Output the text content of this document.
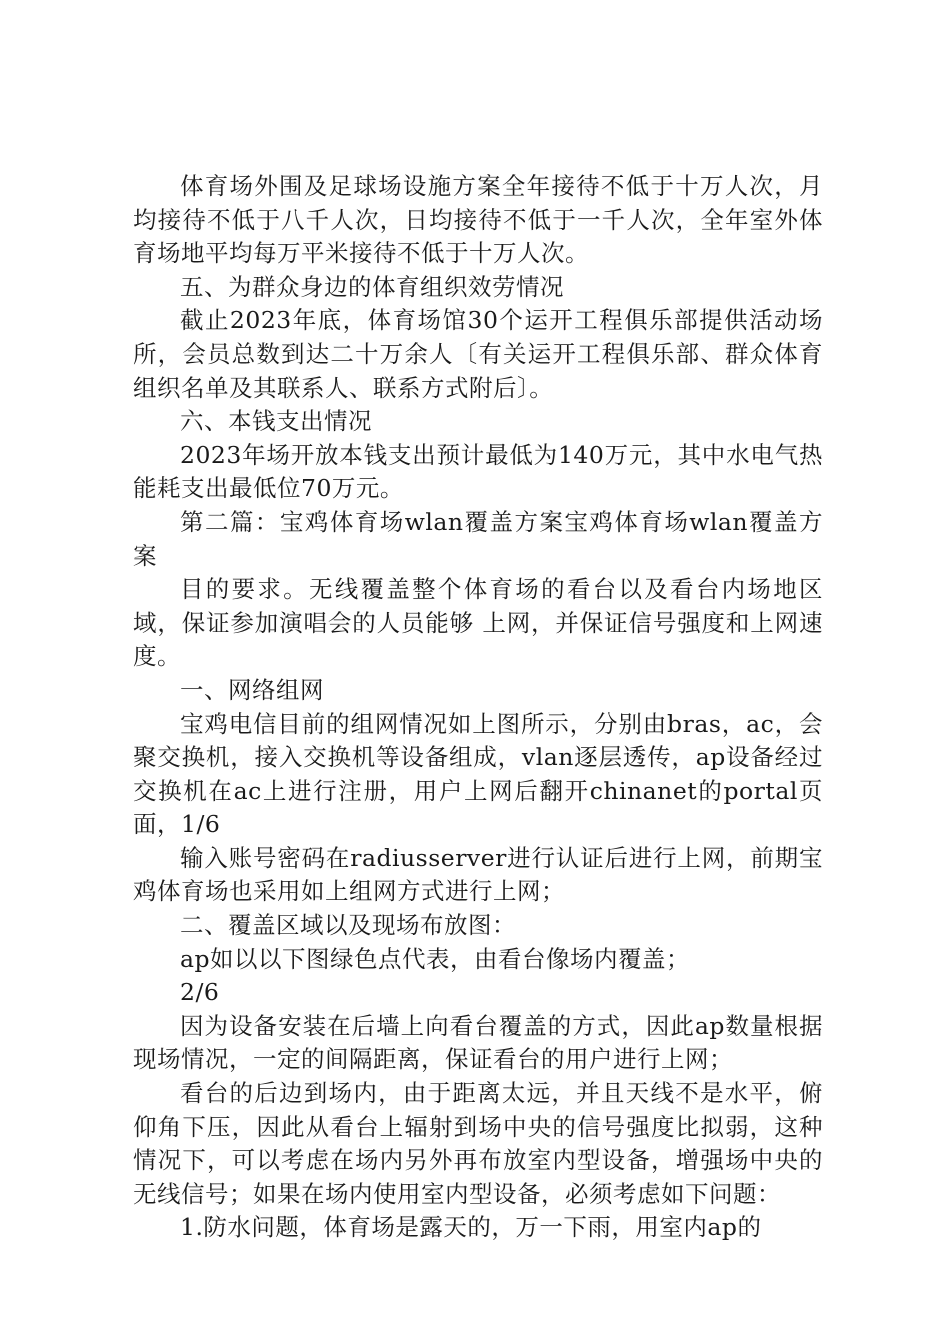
体育场外围及足球场设施方案全年接待不低于十万人次，月均接待不低于八千人次，日均接待不低于一千人次，全年室外体育场地平均每万平米接待不低于十万人次。

五、为群众身边的体育组织效劳情况

截止2023年底，体育场馆30个运开工程俱乐部提供活动场所，会员总数到达二十万余人〔有关运开工程俱乐部、群众体育组织名单及其联系人、联系方式附后〕。

六、本钱支出情况

2023年场开放本钱支出预计最低为140万元，其中水电气热能耗支出最低位70万元。

第二篇：宝鸡体育场wlan覆盖方案宝鸡体育场wlan覆盖方案

目的要求。无线覆盖整个体育场的看台以及看台内场地区域，保证参加演唱会的人员能够 上网，并保证信号强度和上网速度。

一、网络组网

宝鸡电信目前的组网情况如上图所示，分别由bras，ac，会聚交换机，接入交换机等设备组成，vlan逐层透传，ap设备经过交换机在ac上进行注册，用户上网后翻开chinanet的portal页面，1/6

输入账号密码在radiusserver进行认证后进行上网，前期宝鸡体育场也采用如上组网方式进行上网；

二、覆盖区域以及现场布放图：

ap如以以下图绿色点代表，由看台像场内覆盖；

2/6

因为设备安装在后墙上向看台覆盖的方式，因此ap数量根据现场情况，一定的间隔距离，保证看台的用户进行上网；

看台的后边到场内，由于距离太远，并且天线不是水平，俯仰角下压，因此从看台上辐射到场中央的信号强度比拟弱，这种情况下，可以考虑在场内另外再布放室内型设备，增强场中央的无线信号；如果在场内使用室内型设备，必须考虑如下问题：

1.防水问题，体育场是露天的，万一下雨，用室内ap的
